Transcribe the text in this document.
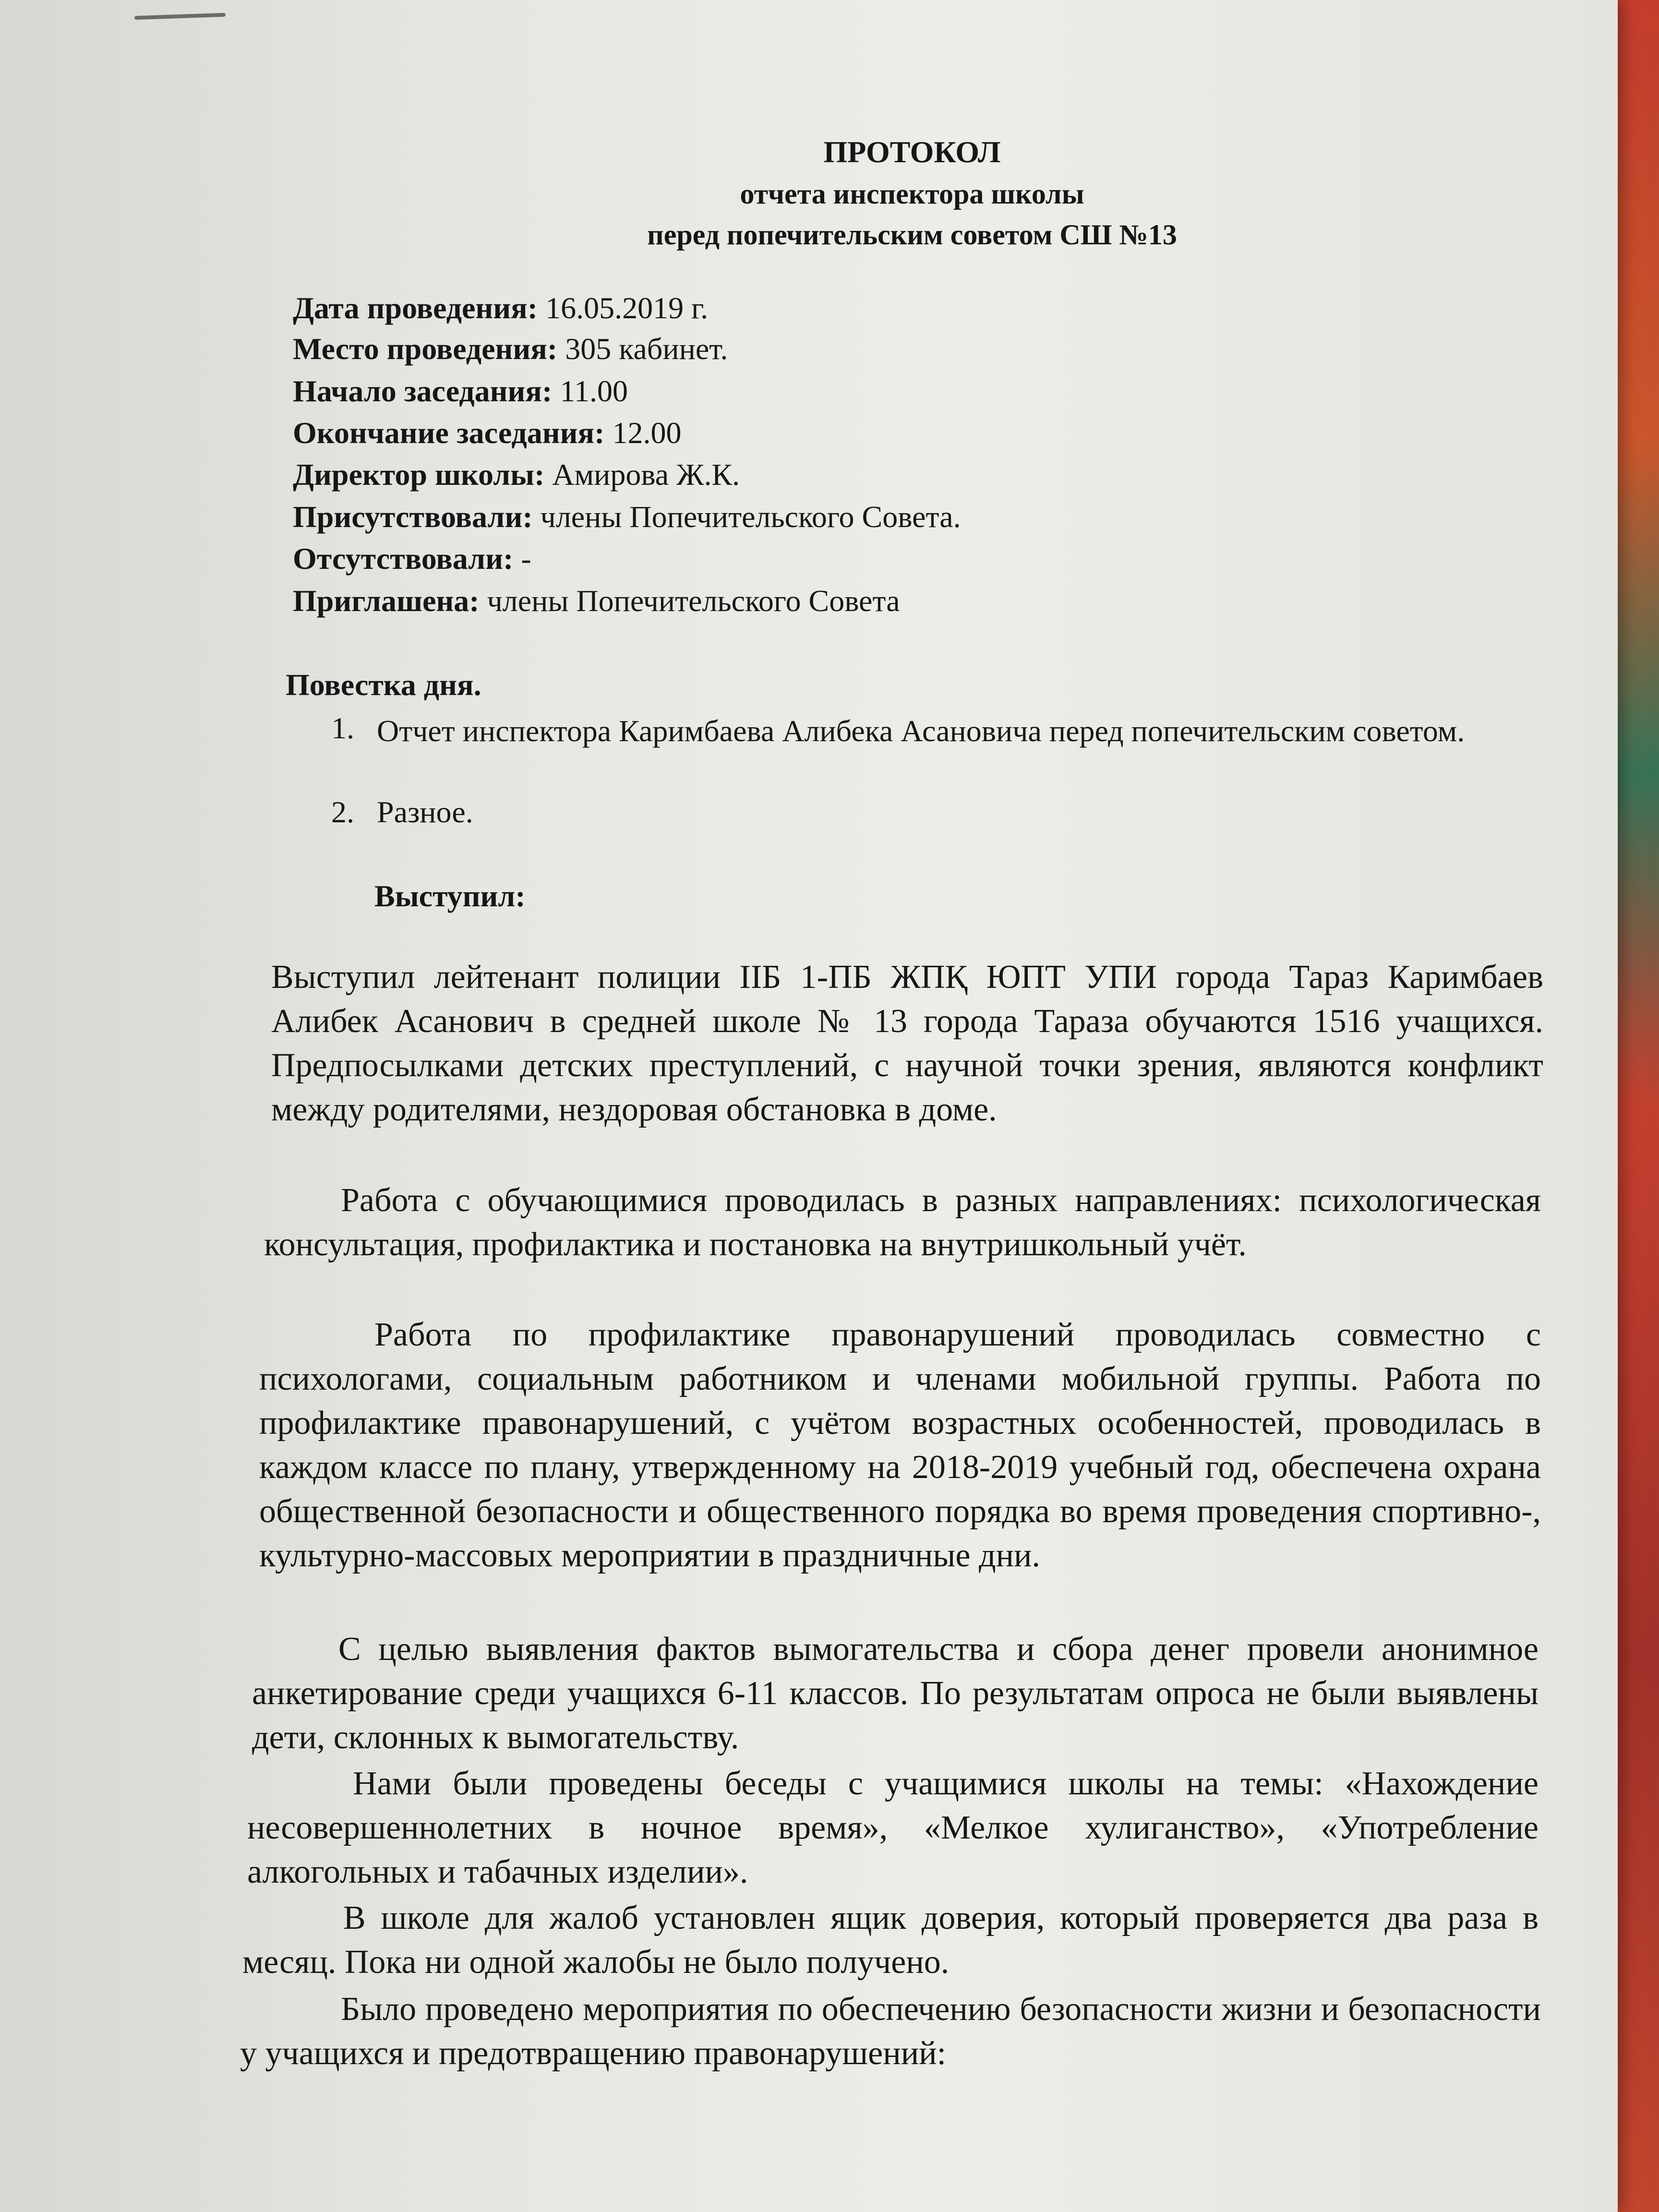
ПРОТОКОЛ
отчета инспектора школы
перед попечительским советом СШ №13
Дата проведения: 16.05.2019 г.
Место проведения: 305 кабинет.
Начало заседания: 11.00
Окончание заседания: 12.00
Директор школы: Амирова Ж.К.
Присутствовали: члены Попечительского Совета.
Отсутствовали: -
Приглашена: члены Попечительского Совета
Повестка дня.
1. Отчет инспектора Каримбаева Алибека Асановича перед попечительским советом.
2. Разное.
Выступил:
Выступил лейтенант полиции ІІБ 1-ПБ ЖПҚ ЮПТ УПИ города Тараз Каримбаев Алибек Асанович в средней школе № 13 города Тараза обучаются 1516 учащихся. Предпосылками детских преступлений, с научной точки зрения, являются конфликт между родителями, нездоровая обстановка в доме.
Работа с обучающимися проводилась в разных направлениях: психологическая консультация, профилактика и постановка на внутришкольный учёт.
Работа по профилактике правонарушений проводилась совместно с психологами, социальным работником и членами мобильной группы. Работа по профилактике правонарушений, с учётом возрастных особенностей, проводилась в каждом классе по плану, утвержденному на 2018-2019 учебный год, обеспечена охрана общественной безопасности и общественного порядка во время проведения спортивно-, культурно-массовых мероприятии в праздничные дни.
С целью выявления фактов вымогательства и сбора денег провели анонимное анкетирование среди учащихся 6-11 классов. По результатам опроса не были выявлены дети, склонных к вымогательству.
Нами были проведены беседы с учащимися школы на темы: «Нахождение несовершеннолетних в ночное время», «Мелкое хулиганство», «Употребление алкогольных и табачных изделии».
В школе для жалоб установлен ящик доверия, который проверяется два раза в месяц. Пока ни одной жалобы не было получено.
Было проведено мероприятия по обеспечению безопасности жизни и безопасности у учащихся и предотвращению правонарушений:
